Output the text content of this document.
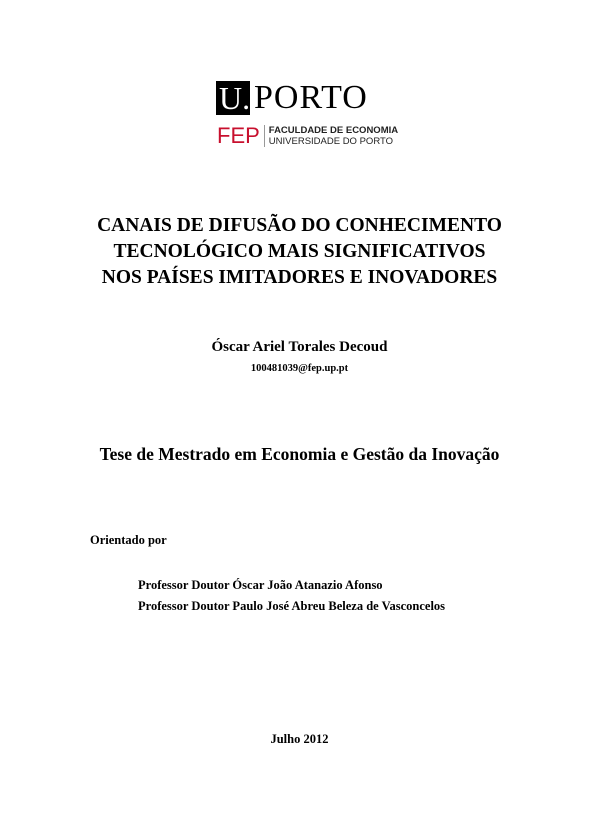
U. PORTO
FEP FACULDADE DE ECONOMIA
UNIVERSIDADE DO PORTO
CANAIS DE DIFUSÃO DO CONHECIMENTO
TECNOLÓGICO MAIS SIGNIFICATIVOS
NOS PAÍSES IMITADORES E INOVADORES
Óscar Ariel Torales Decoud
100481039@fep.up.pt
Tese de Mestrado em Economia e Gestão da Inovação
Orientado por
Professor Doutor Óscar João Atanazio Afonso
Professor Doutor Paulo José Abreu Beleza de Vasconcelos
Julho 2012
